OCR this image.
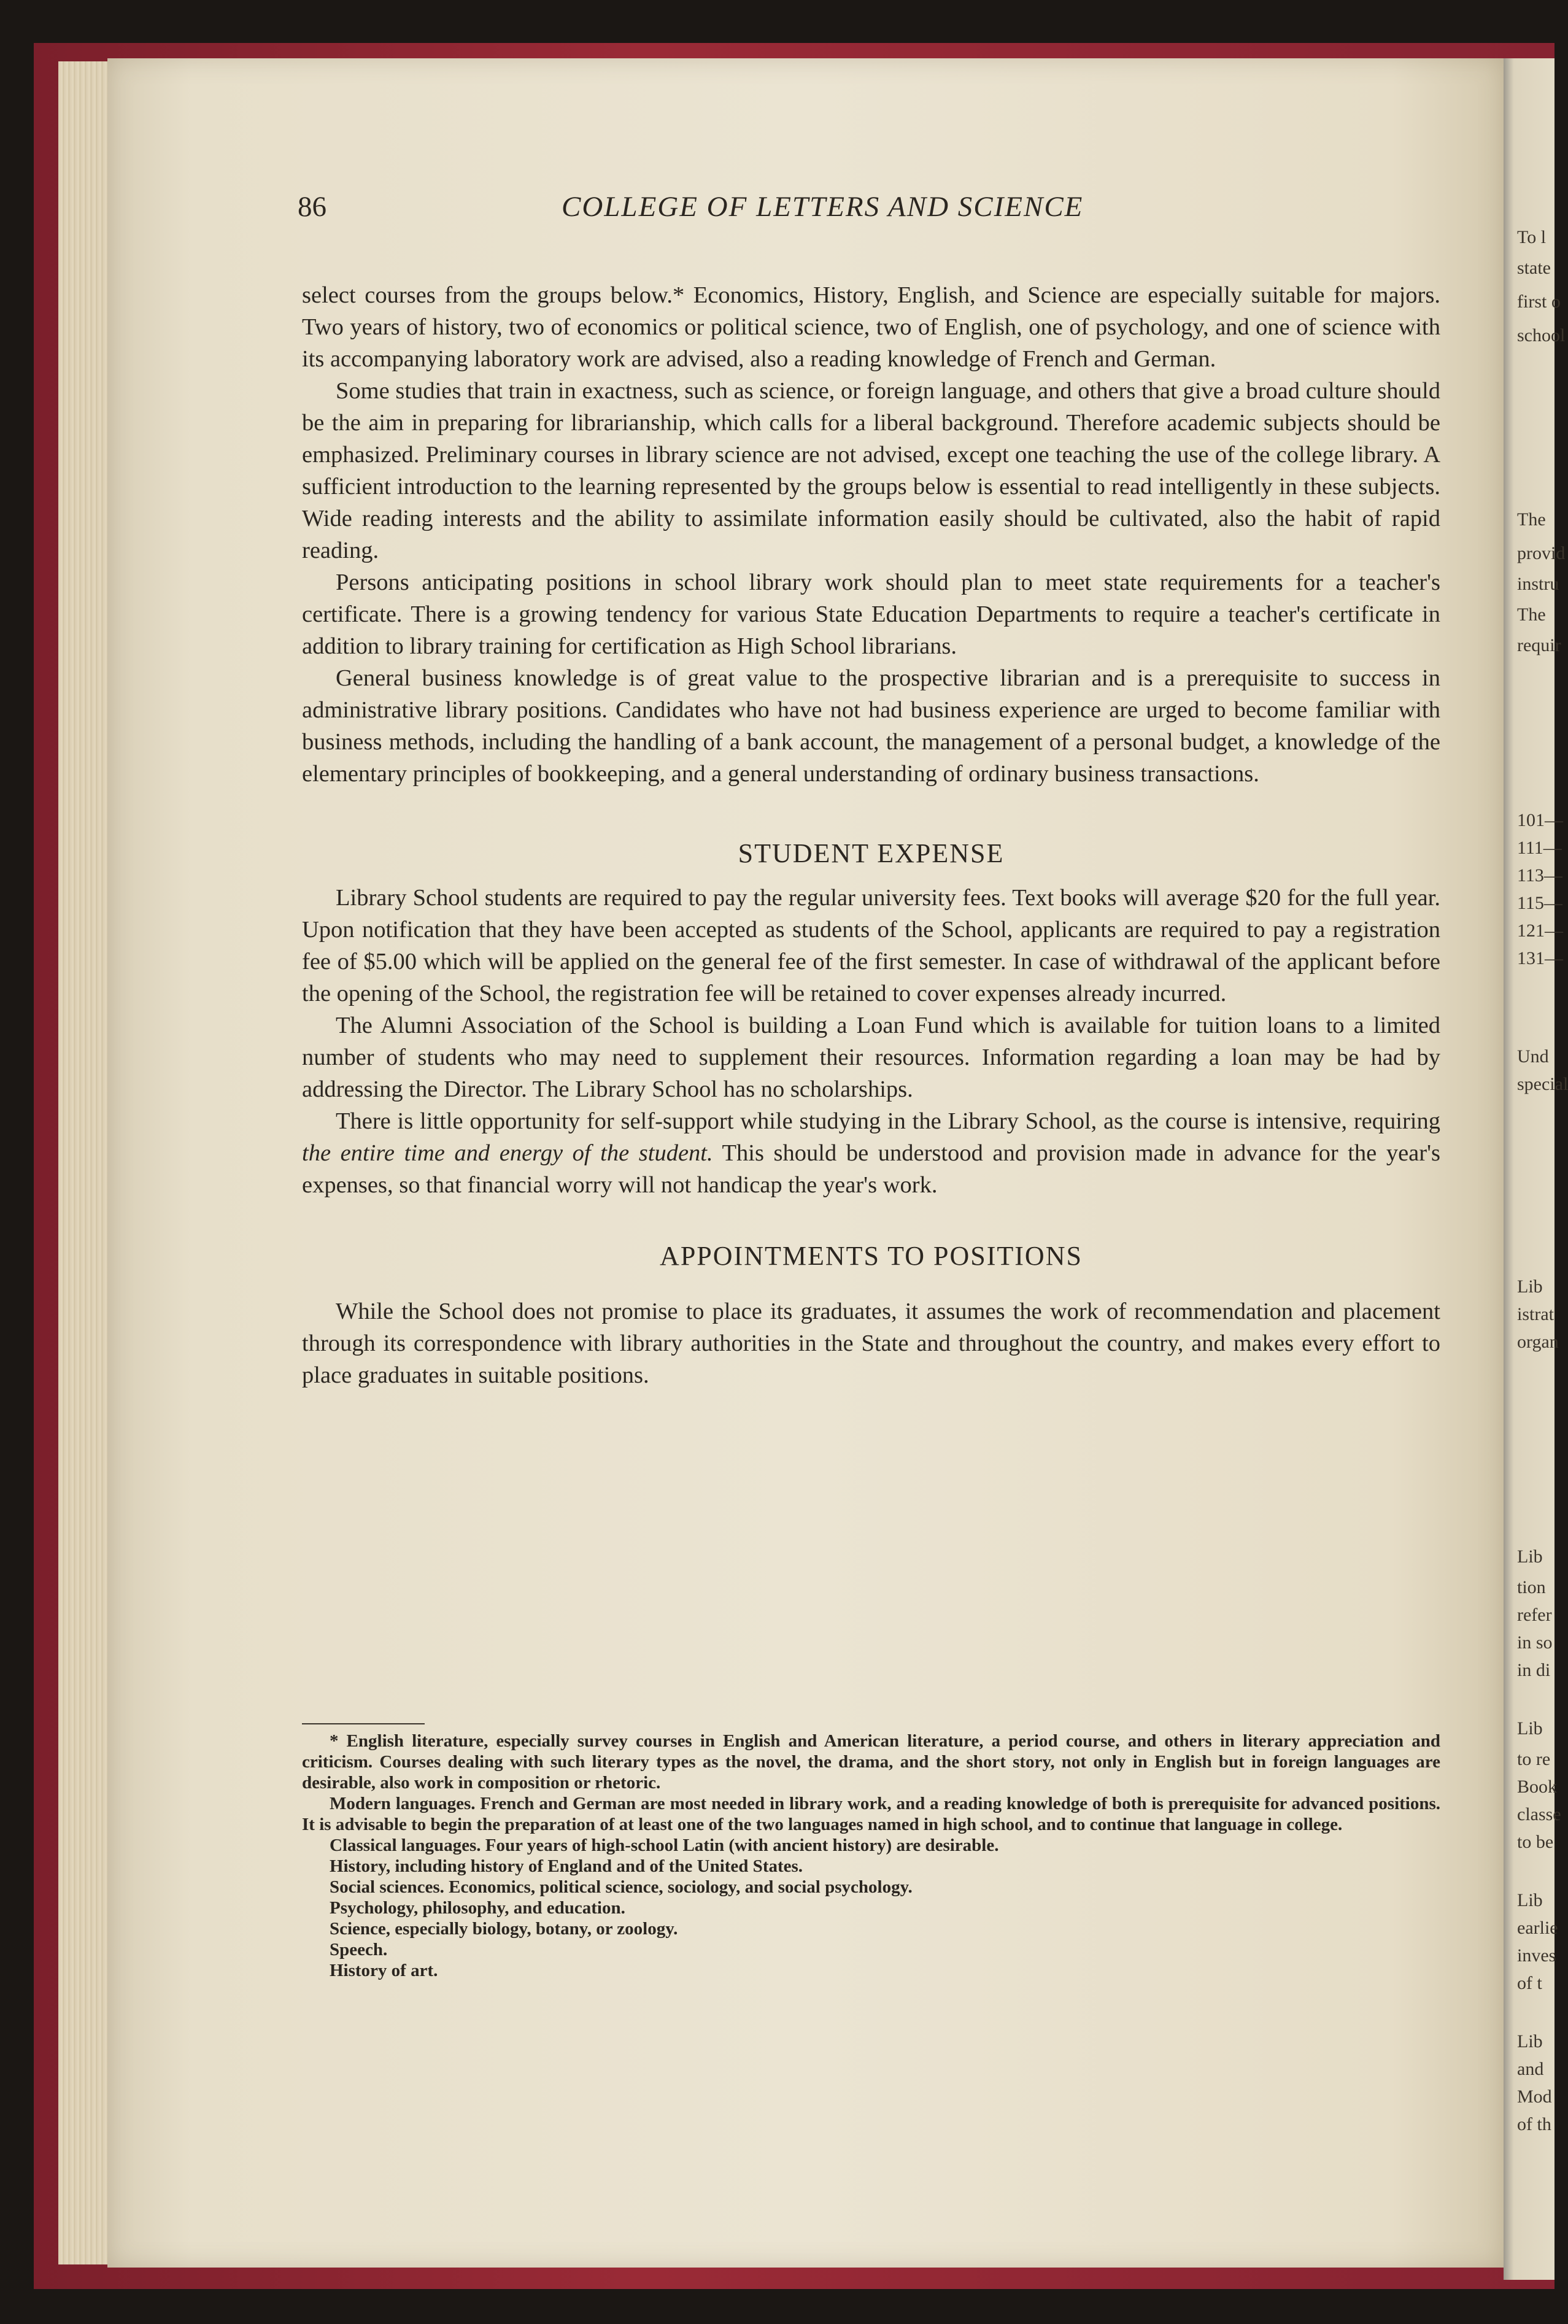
To l
state
first o
school
The
provid
instru
The
requir
101—
111—
113—
115—
121—
131—
Und
special
Lib
istrat
organ
Lib
tion
refer
in so
in di
Lib
to re
Book
classe
to be
Lib
earlie
inves
of t
Lib
and
Mod
of th
86	COLLEGE OF LETTERS AND SCIENCE

select courses from the groups below.* Economics, History, English, and Science are especially suitable for majors. Two years of history, two of economics or political science, two of English, one of psychology, and one of science with its accompanying laboratory work are advised, also a reading knowledge of French and German.

Some studies that train in exactness, such as science, or foreign language, and others that give a broad culture should be the aim in preparing for librarianship, which calls for a liberal background. Therefore academic subjects should be emphasized. Preliminary courses in library science are not advised, except one teaching the use of the college library. A sufficient introduction to the learning represented by the groups below is essential to read intelligently in these subjects. Wide reading interests and the ability to assimilate information easily should be cultivated, also the habit of rapid reading.

Persons anticipating positions in school library work should plan to meet state requirements for a teacher's certificate. There is a growing tendency for various State Education Departments to require a teacher's certificate in addition to library training for certification as High School librarians.

General business knowledge is of great value to the prospective librarian and is a prerequisite to success in administrative library positions. Candidates who have not had business experience are urged to become familiar with business methods, including the handling of a bank account, the management of a personal budget, a knowledge of the elementary principles of bookkeeping, and a general understanding of ordinary business transactions.

STUDENT EXPENSE

Library School students are required to pay the regular university fees. Text books will average $20 for the full year. Upon notification that they have been accepted as students of the School, applicants are required to pay a registration fee of $5.00 which will be applied on the general fee of the first semester. In case of withdrawal of the applicant before the opening of the School, the registration fee will be retained to cover expenses already incurred.

The Alumni Association of the School is building a Loan Fund which is available for tuition loans to a limited number of students who may need to supplement their resources. Information regarding a loan may be had by addressing the Director. The Library School has no scholarships.

There is little opportunity for self-support while studying in the Library School, as the course is intensive, requiring the entire time and energy of the student. This should be understood and provision made in advance for the year's expenses, so that financial worry will not handicap the year's work.

APPOINTMENTS TO POSITIONS

While the School does not promise to place its graduates, it assumes the work of recommendation and placement through its correspondence with library authorities in the State and throughout the country, and makes every effort to place graduates in suitable positions.

* English literature, especially survey courses in English and American literature, a period course, and others in literary appreciation and criticism. Courses dealing with such literary types as the novel, the drama, and the short story, not only in English but in foreign languages are desirable, also work in composition or rhetoric.

Modern languages. French and German are most needed in library work, and a reading knowledge of both is prerequisite for advanced positions. It is advisable to begin the preparation of at least one of the two languages named in high school, and to continue that language in college.

Classical languages. Four years of high-school Latin (with ancient history) are desirable.

History, including history of England and of the United States.

Social sciences. Economics, political science, sociology, and social psychology.

Psychology, philosophy, and education.

Science, especially biology, botany, or zoology.

Speech.

History of art.
